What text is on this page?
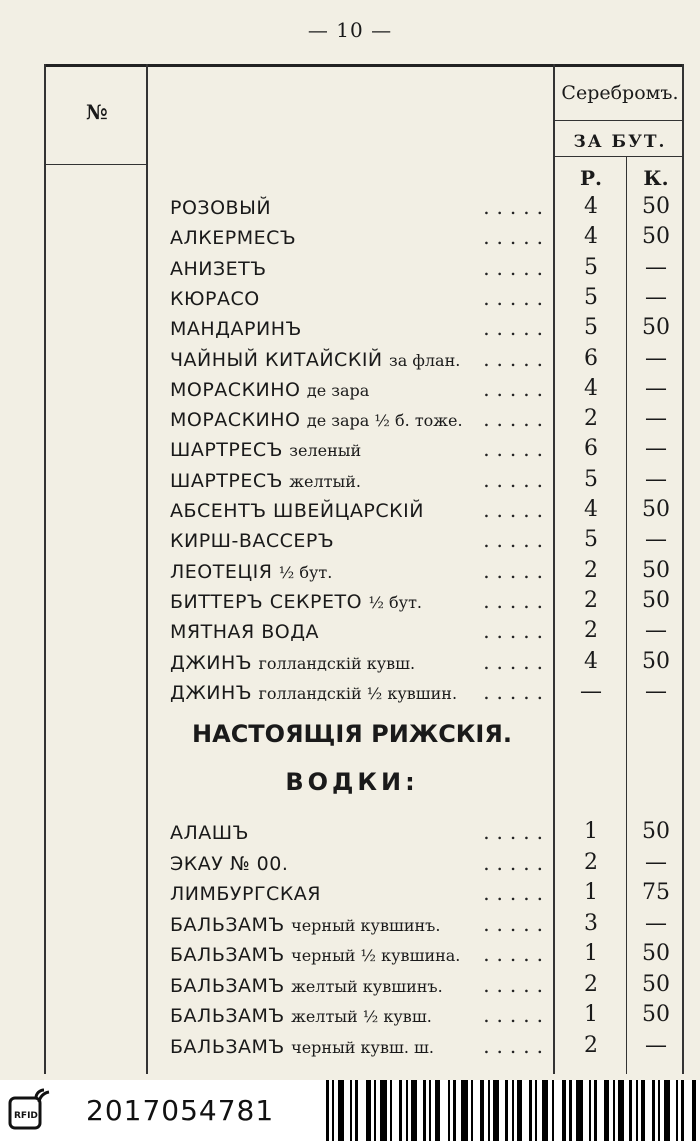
— 10 —
№
Серебромъ.
ЗА БУТ.
Р.	К.
РОЗОВЫЙ	.....	4	50
АЛКЕРМЕСЪ	.....	4	50
АНИЗЕТЪ	.....	5	—
КЮРАСО	.....	5	—
МАНДАРИНЪ	.....	5	50
ЧАЙНЫЙ КИТАЙСКІЙ за флан.	.....	6	—
МОРАСКИНО де зара	.....	4	—
МОРАСКИНО де зара ½ б. тоже.	.....	2	—
ШАРТРЕСЪ зеленый	.....	6	—
ШАРТРЕСЪ желтый.	.....	5	—
АБСЕНТЪ ШВЕЙЦАРСКІЙ	.....	4	50
КИРШ-ВАССЕРЪ	.....	5	—
ЛЕОТЕЦІЯ ½ бут.	.....	2	50
БИТТЕРЪ СЕКРЕТО ½ бут.	.....	2	50
МЯТНАЯ ВОДА	.....	2	—
ДЖИНЪ голландскій кувш.	.....	4	50
ДЖИНЪ голландскій ½ кувшин.	.....	—	—
НАСТОЯЩІЯ РИЖСКІЯ.
ВОДКИ:
АЛАШЪ	.....	1	50
ЭКАУ № 00.	.....	2	—
ЛИМБУРГСКАЯ	.....	1	75
БАЛЬЗАМЪ черный кувшинъ.	.....	3	—
БАЛЬЗАМЪ черный ½ кувшина.	.....	1	50
БАЛЬЗАМЪ желтый кувшинъ.	.....	2	50
БАЛЬЗАМЪ желтый ½ кувш.	.....	1	50
БАЛЬЗАМЪ черный кувш. ш.	.....	2	—
RFID 2017054781
